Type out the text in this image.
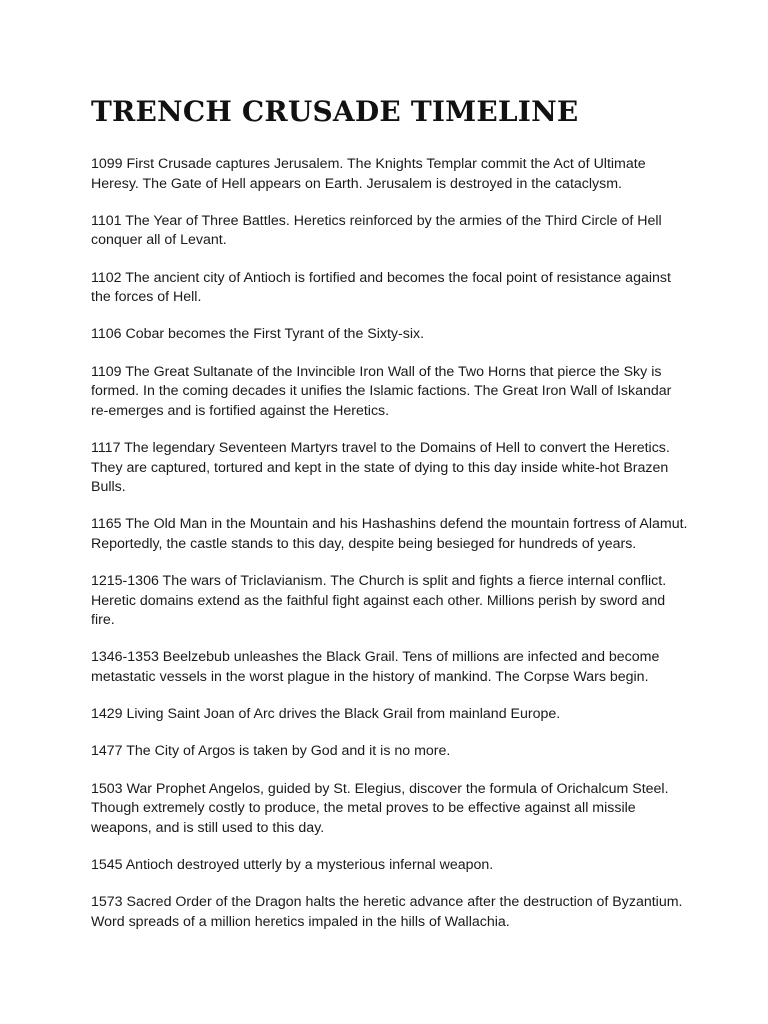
TRENCH CRUSADE TIMELINE

1099 First Crusade captures Jerusalem. The Knights Templar commit the Act of Ultimate Heresy. The Gate of Hell appears on Earth. Jerusalem is destroyed in the cataclysm.

1101 The Year of Three Battles. Heretics reinforced by the armies of the Third Circle of Hell conquer all of Levant.

1102 The ancient city of Antioch is fortified and becomes the focal point of resistance against the forces of Hell.

1106 Cobar becomes the First Tyrant of the Sixty-six.

1109 The Great Sultanate of the Invincible Iron Wall of the Two Horns that pierce the Sky is formed. In the coming decades it unifies the Islamic factions. The Great Iron Wall of Iskandar re-emerges and is fortified against the Heretics.

1117 The legendary Seventeen Martyrs travel to the Domains of Hell to convert the Heretics. They are captured, tortured and kept in the state of dying to this day inside white-hot Brazen Bulls.

1165 The Old Man in the Mountain and his Hashashins defend the mountain fortress of Alamut. Reportedly, the castle stands to this day, despite being besieged for hundreds of years.

1215-1306 The wars of Triclavianism. The Church is split and fights a fierce internal conflict. Heretic domains extend as the faithful fight against each other. Millions perish by sword and fire.

1346-1353 Beelzebub unleashes the Black Grail. Tens of millions are infected and become metastatic vessels in the worst plague in the history of mankind. The Corpse Wars begin.

1429 Living Saint Joan of Arc drives the Black Grail from mainland Europe.

1477 The City of Argos is taken by God and it is no more.

1503 War Prophet Angelos, guided by St. Elegius, discover the formula of Orichalcum Steel. Though extremely costly to produce, the metal proves to be effective against all missile weapons, and is still used to this day.

1545 Antioch destroyed utterly by a mysterious infernal weapon.

1573 Sacred Order of the Dragon halts the heretic advance after the destruction of Byzantium. Word spreads of a million heretics impaled in the hills of Wallachia.
